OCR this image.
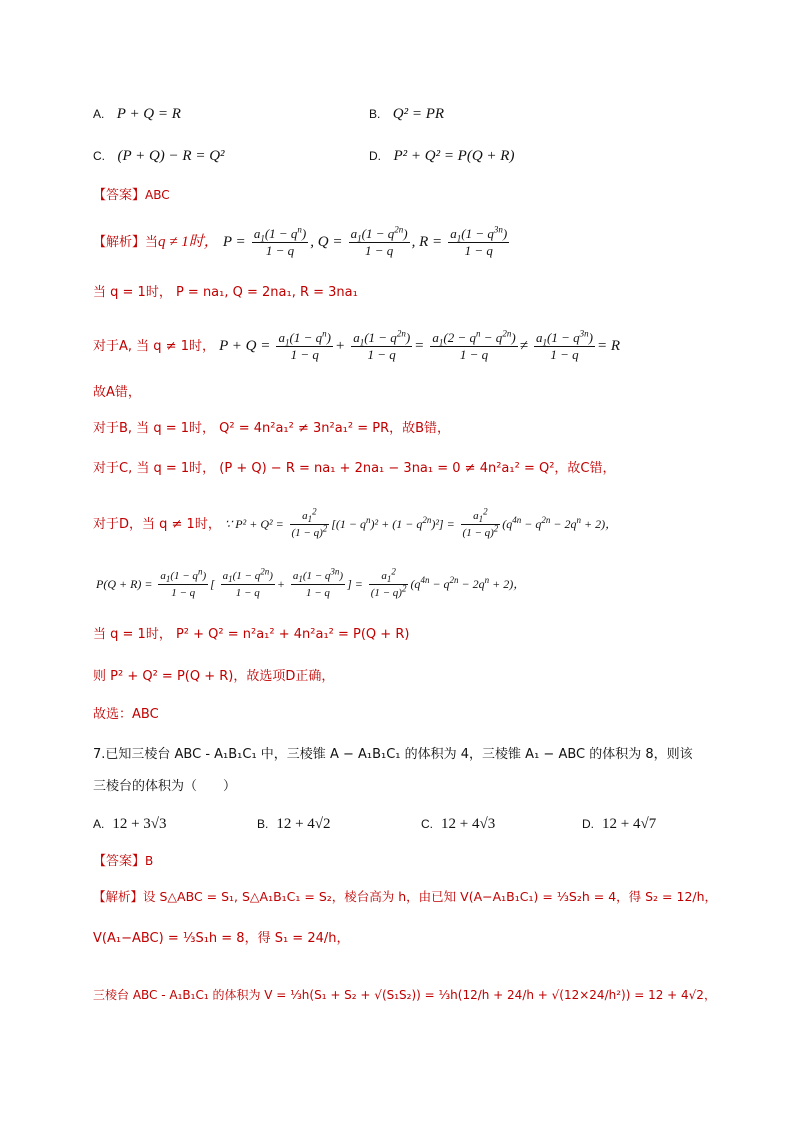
A. P + Q = R	B. Q² = PR
C. (P + Q) − R = Q²	D. P² + Q² = P(Q + R)
【答案】ABC
【解析】当q ≠ 1时， $P = \frac{a_1(1 - q^n)}{1 - q}$ , $Q = \frac{a_1(1 - q^{2n})}{1 - q}$ , $R = \frac{a_1(1 - q^{3n})}{1 - q}$
当 q = 1时， P = na₁, Q = 2na₁, R = 3na₁
对于A, 当 q ≠ 1时， $P + Q = \frac{a_1(1 - q^n)}{1 - q} + \frac{a_1(1 - q^{2n})}{1 - q} = \frac{a_1(2 - q^n - q^{2n})}{1 - q} \ne \frac{a_1(1 - q^{3n})}{1 - q} = R$
故A错，
对于B, 当 q = 1时， Q² = 4n²a₁² ≠ 3n²a₁² = PR，故B错，
对于C, 当 q = 1时， (P + Q) − R = na₁ + 2na₁ − 3na₁ = 0 ≠ 4n²a₁² = Q²，故C错，
对于D，当 q ≠ 1时， ∵ $P^2 + Q^2 = \frac{a_1^2}{(1 - q)^2} [(1 - q^n)^2 + (1 - q^{2n})^2] = \frac{a_1^2}{(1 - q)^2} (q^{4n} - q^{2n} - 2q^n + 2)$，
$P(Q + R) = \frac{a_1(1 - q^n)}{1 - q}$ [ $\frac{a_1(1 - q^{2n})}{1 - q} + \frac{a_1(1 - q^{3n})}{1 - q}$ ] = $\frac{a_1^2}{(1 - q)^2} (q^{4n} - q^{2n} - 2q^n + 2)$，
当 q = 1时， P² + Q² = n²a₁² + 4n²a₁² = P(Q + R)
则 P² + Q² = P(Q + R)，故选项D正确，
故选：ABC
7.已知三棱台 ABC - A₁B₁C₁ 中，三棱锥 A − A₁B₁C₁ 的体积为 4，三棱锥 A₁ − ABC 的体积为 8，则该
三棱台的体积为（　　）
A. 12 + 3√3	B. 12 + 4√2	C. 12 + 4√3	D. 12 + 4√7
【答案】B
【解析】设 S△ABC = S₁, S△A₁B₁C₁ = S₂，棱台高为 h，由已知 V(A−A₁B₁C₁) = ⅓S₂h = 4，得 S₂ = 12/h，
V(A₁−ABC) = ⅓S₁h = 8，得 S₁ = 24/h，
三棱台 ABC - A₁B₁C₁ 的体积为 V = ⅓h(S₁ + S₂ + √(S₁S₂)) = ⅓h(12/h + 24/h + √(12×24/h²)) = 12 + 4√2，
